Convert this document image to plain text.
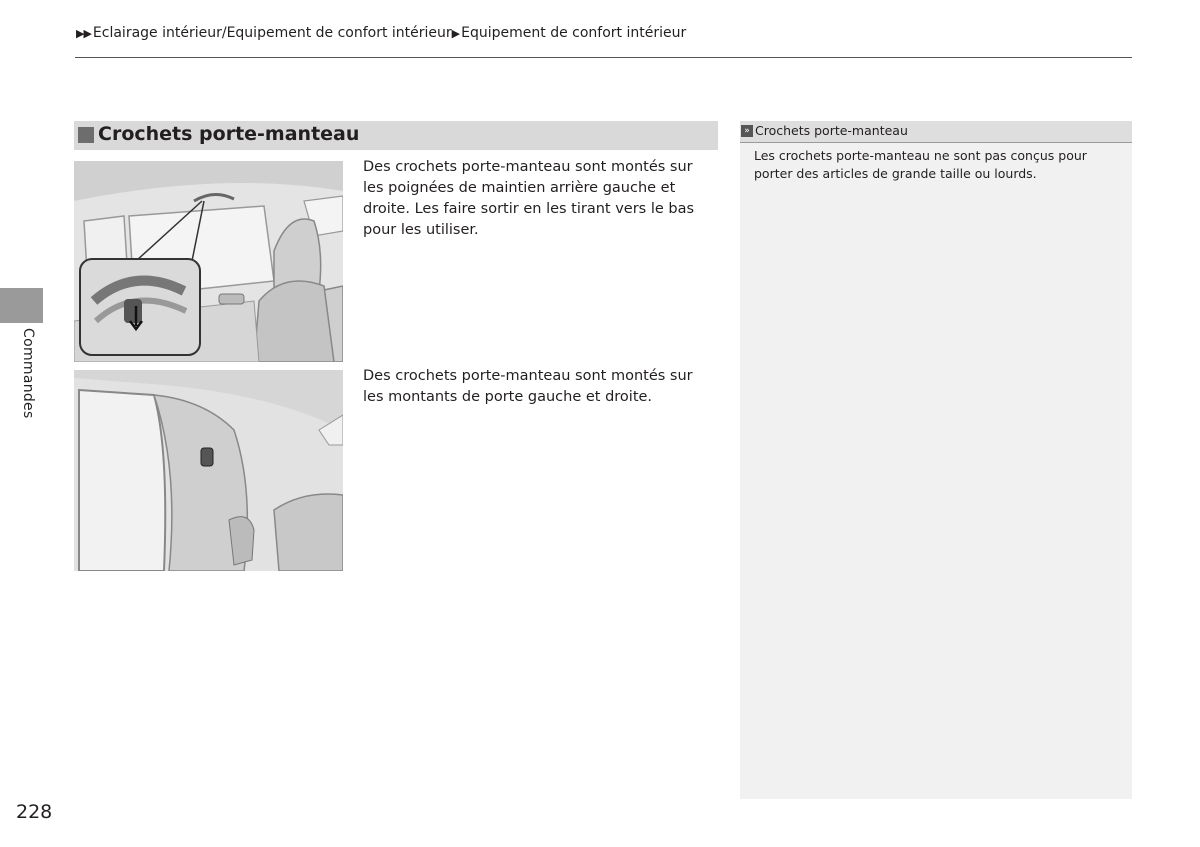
▶▶ Eclairage intérieur/Equipement de confort intérieur▶ Equipement de confort intérieur
Commandes
Crochets porte-manteau

Des crochets porte-manteau sont montés sur les poignées de maintien arrière gauche et droite. Les faire sortir en les tirant vers le bas pour les utiliser.

Des crochets porte-manteau sont montés sur les montants de porte gauche et droite.

» Crochets porte-manteau

Les crochets porte-manteau ne sont pas conçus pour porter des articles de grande taille ou lourds.

228
